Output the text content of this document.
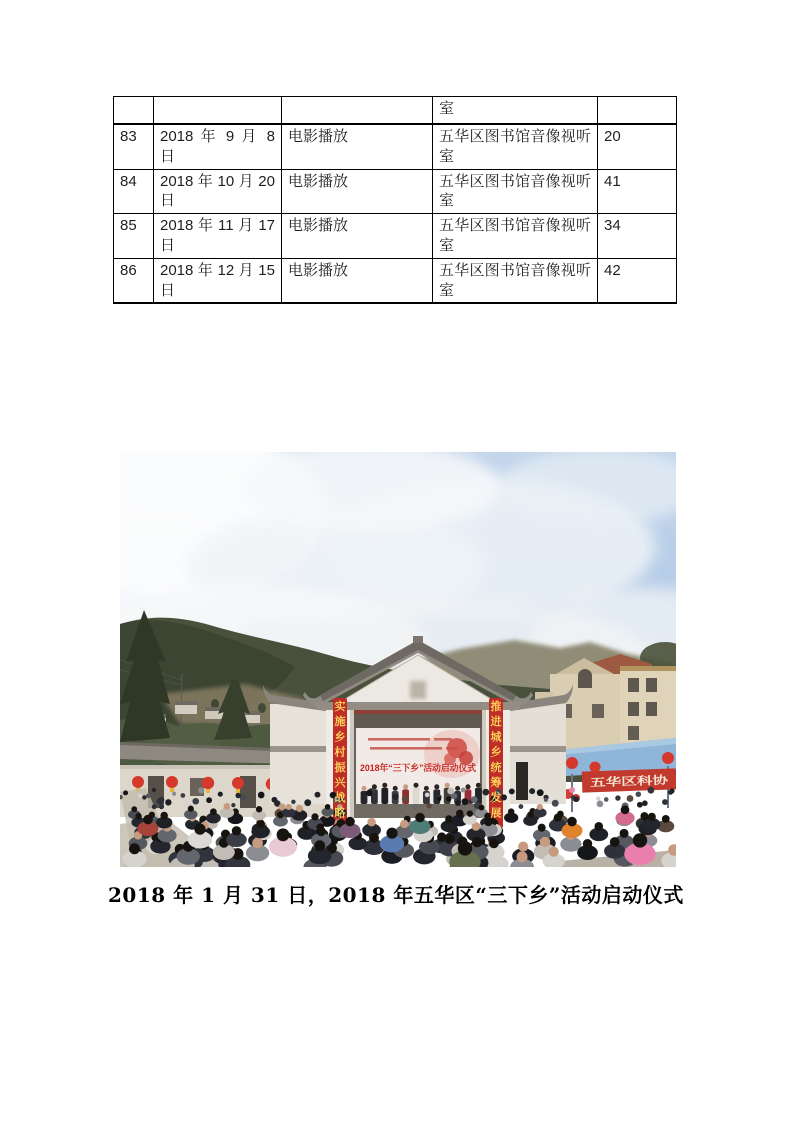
			室	
83	2018 年 9 月 8 日	电影播放	五华区图书馆音像视听室	20
84	2018 年 10 月 20 日	电影播放	五华区图书馆音像视听室	41
85	2018 年 11 月 17 日	电影播放	五华区图书馆音像视听室	34
86	2018 年 12 月 15 日	电影播放	五华区图书馆音像视听室	42
五华区科协
2018年“三下乡”活动启动仪式
实施乡村振兴战略
推进城乡统筹发展
2018 年 1 月 31 日，2018 年五华区“三下乡”活动启动仪式
